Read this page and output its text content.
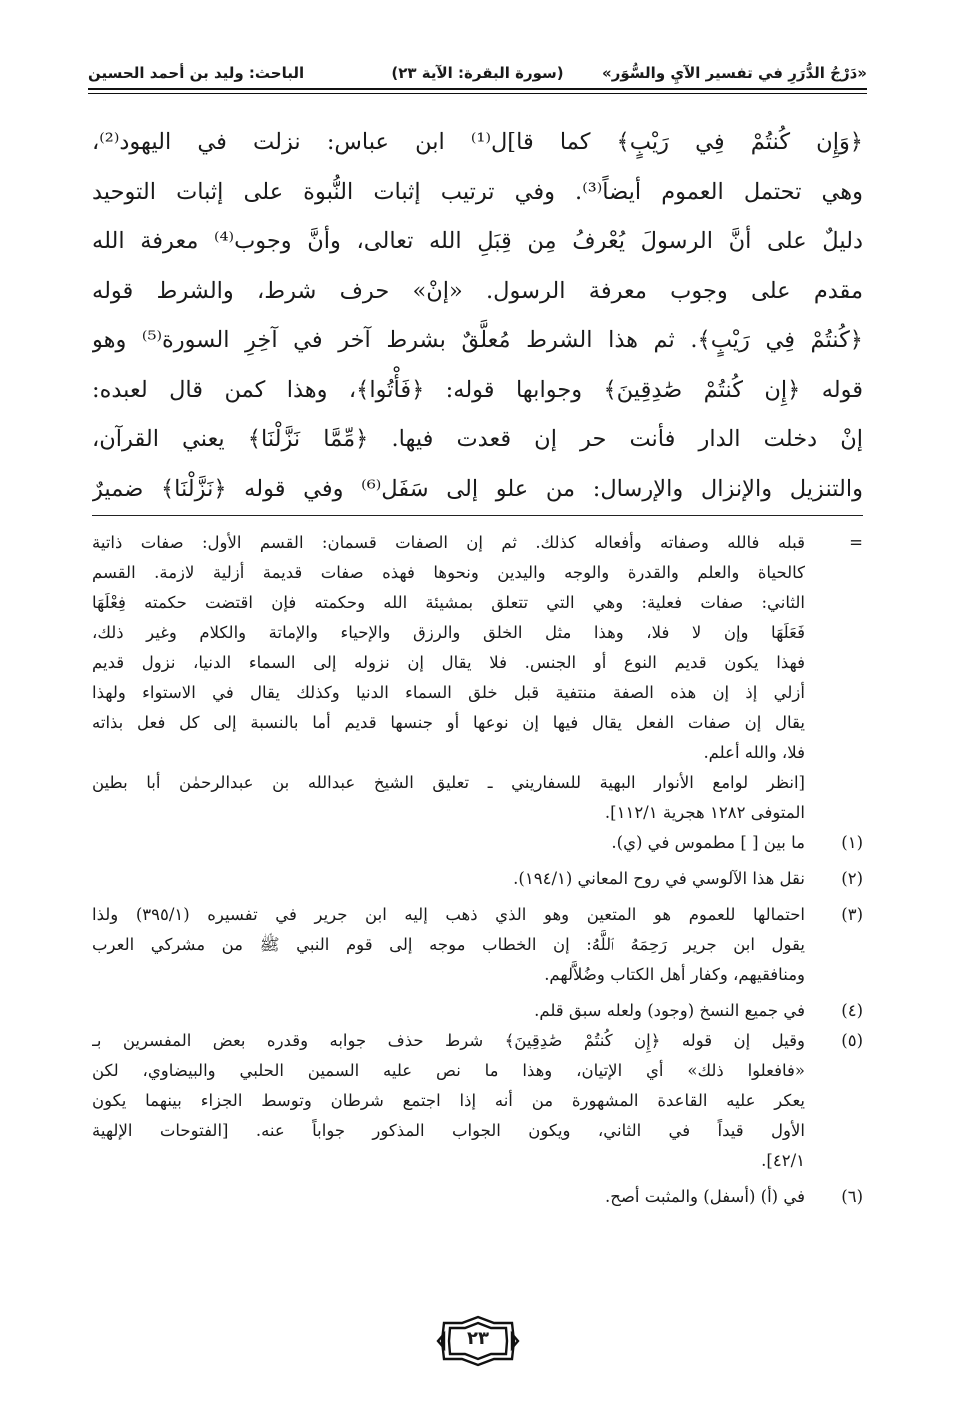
«دَرْجُ الدُّرَرِ في تفسير الآيِ والسُّوَر»
(سورة البقرة: الآية ٢٣)
الباحث: وليد بن أحمد الحسين
﴿وَإِن كُنتُمْ فِي رَيْبٍ﴾ كما قا]ل⁽¹⁾ ابن عباس: نزلت في اليهود⁽²⁾،
وهي تحتمل العموم أيضاً⁽³⁾. وفي ترتيب إثبات النُّبوة على إثبات التوحيد
دليلٌ على أنَّ الرسولَ يُعْرفُ مِن قِبَلِ الله تعالى، وأنَّ وجوب⁽⁴⁾ معرفة الله
مقدم على وجوب معرفة الرسول. «إنْ» حرف شرط، والشرط قوله
﴿كُنتُمْ فِي رَيْبٍ﴾. ثم هذا الشرط مُعلَّقٌ بشرط آخر في آخِرِ السورة⁽⁵⁾ وهو
قوله ﴿إِن كُنتُمْ صَٰدِقِينَ﴾ وجوابها قوله: ﴿فَأْتُوا﴾، وهذا كمن قال لعبده:
إنْ دخلت الدار فأنت حر إن قعدت فيها. ﴿مِّمَّا نَزَّلْنَا﴾ يعني القرآن،
والتنزيل والإنزال والإرسال: من علو إلى سَفَل⁽⁶⁾ وفي قوله ﴿نَزَّلْنَا﴾ ضميرٌ
=
قبله فالله وصفاته وأفعاله كذلك. ثم إن الصفات قسمان: القسم الأول: صفات ذاتية
كالحياة والعلم والقدرة والوجه واليدين ونحوها فهذه صفات قديمة أزلية لازمة. القسم
الثاني: صفات فعلية: وهي التي تتعلق بمشيئة الله وحكمته فإن اقتضت حكمته فِعْلَهَا
فَعَلَهَا وإن لا فلا، وهذا مثل الخلق والرزق والإحياء والإماتة والكلام وغير ذلك،
فهذا يكون قديم النوع أو الجنس. فلا يقال إن نزوله إلى السماء الدنيا، نزول قديم
أزلي إذ إن هذه الصفة منتفية قبل خلق السماء الدنيا وكذلك يقال في الاستواء ولهذا
يقال إن صفات الفعل يقال فيها إن نوعها أو جنسها قديم أما بالنسبة إلى كل فعل بذاته
فلا، والله أعلم.
[انظر لوامع الأنوار البهية للسفاريني ـ تعليق الشيخ عبدالله بن عبدالرحمٰن أبا بطين
المتوفى ١٢٨٢ هجرية ١١٢/١].
(١)
ما بين [ ] مطموس في (ي).
(٢)
نقل هذا الآلوسي في روح المعاني (١٩٤/١).
(٣)
احتمالها للعموم هو المتعين وهو الذي ذهب إليه ابن جرير في تفسيره (٣٩٥/١) ولذا
يقول ابن جرير رَحِمَهُ ٱللَّهُ: إن الخطاب موجه إلى قوم النبي ﷺ من مشركي العرب
ومنافقيهم، وكفار أهل الكتاب وضُلاَّلهم.
(٤)
في جميع النسخ (وجود) ولعله سبق قلم.
(٥)
وقيل إن قوله ﴿إِن كُنتُمْ صَٰدِقِينَ﴾ شرط حذف جوابه وقدره بعض المفسرين بـ
«فافعلوا ذلك» أي الإتيان، وهذا ما نص عليه السمين الحلبي والبيضاوي، لكن
يعكر عليه القاعدة المشهورة من أنه إذا اجتمع شرطان وتوسط الجزاء بينهما يكون
الأول قيداً في الثاني، ويكون الجواب المذكور جواباً عنه. [الفتوحات الإلهية
٤٢/١].
(٦)
في (أ) (أسفل) والمثبت أصح.
٢٣
